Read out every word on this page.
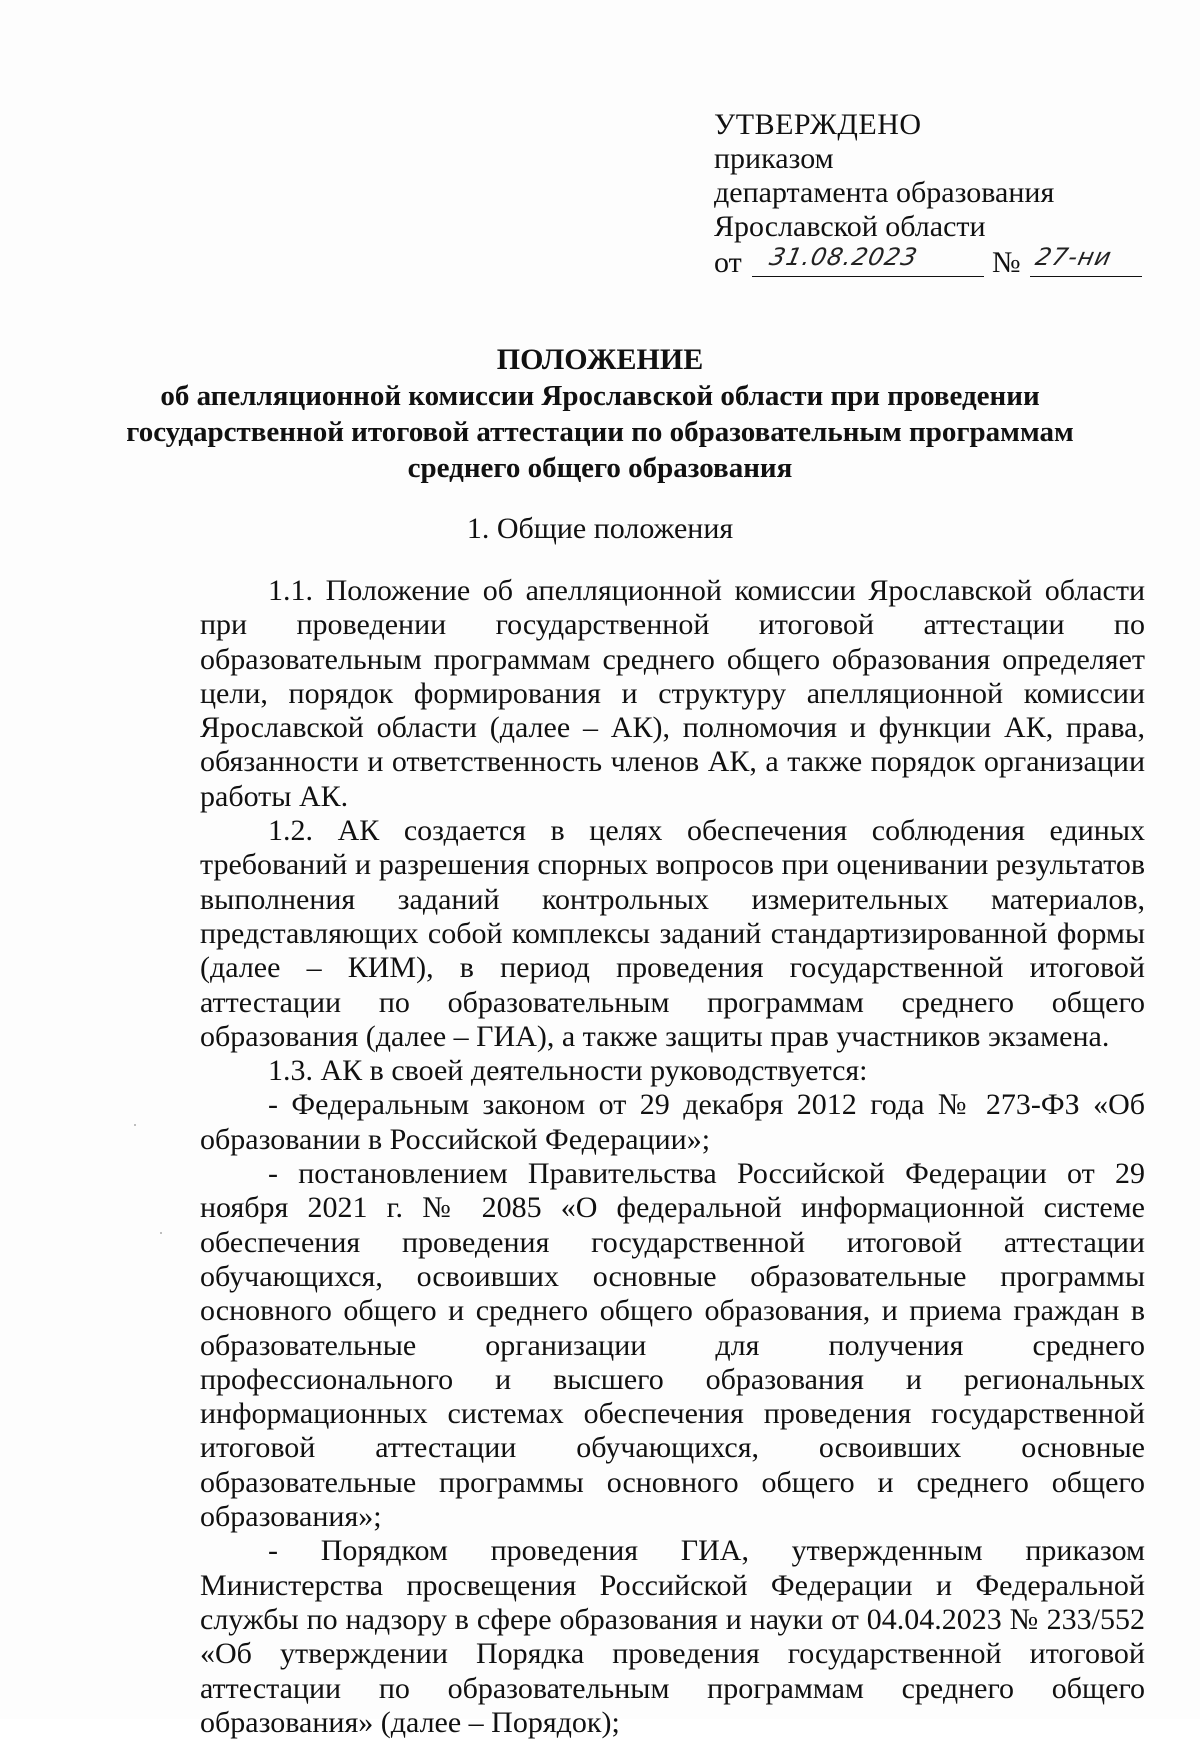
УТВЕРЖДЕНО
приказом
департамента образования
Ярославской области
от 31.08.2023 № 27-ни
ПОЛОЖЕНИЕ
об апелляционной комиссии Ярославской области при проведении
государственной итоговой аттестации по образовательным программам
среднего общего образования
1. Общие положения

1.1. Положение об апелляционной комиссии Ярославской области при проведении государственной итоговой аттестации по образовательным программам среднего общего образования определяет цели, порядок формирования и структуру апелляционной комиссии Ярославской области (далее – АК), полномочия и функции АК, права, обязанности и ответственность членов АК, а также порядок организации работы АК.

1.2. АК создается в целях обеспечения соблюдения единых требований и разрешения спорных вопросов при оценивании результатов выполнения заданий контрольных измерительных материалов, представляющих собой комплексы заданий стандартизированной формы (далее – КИМ), в период проведения государственной итоговой аттестации по образовательным программам среднего общего образования (далее – ГИА), а также защиты прав участников экзамена.

1.3. АК в своей деятельности руководствуется:

- Федеральным законом от 29 декабря 2012 года № 273-ФЗ «Об образовании в Российской Федерации»;

- постановлением Правительства Российской Федерации от 29 ноября 2021 г. № 2085 «О федеральной информационной системе обеспечения проведения государственной итоговой аттестации обучающихся, освоивших основные образовательные программы основного общего и среднего общего образования, и приема граждан в образовательные организации для получения среднего профессионального и высшего образования и региональных информационных системах обеспечения проведения государственной итоговой аттестации обучающихся, освоивших основные образовательные программы основного общего и среднего общего образования»;

- Порядком проведения ГИА, утвержденным приказом Министерства просвещения Российской Федерации и Федеральной службы по надзору в сфере образования и науки от 04.04.2023 № 233/552 «Об утверждении Порядка проведения государственной итоговой аттестации по образовательным программам среднего общего образования» (далее – Порядок);
